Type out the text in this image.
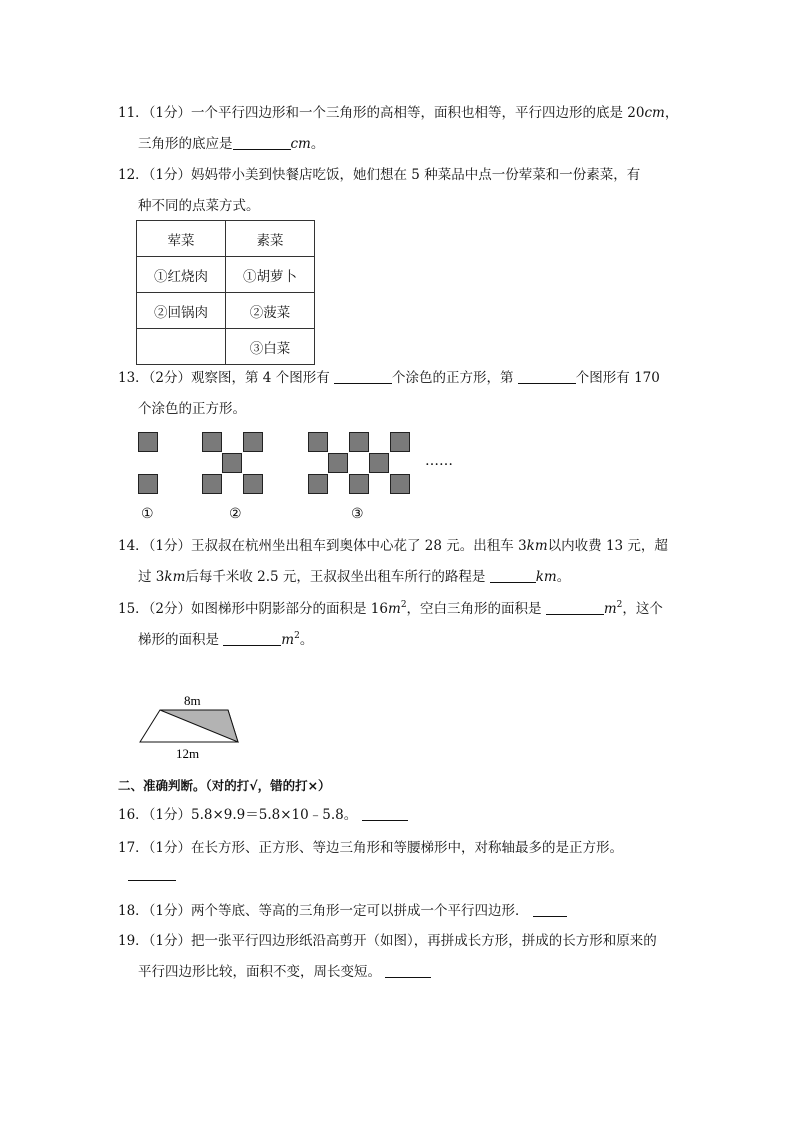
11．（1分）一个平行四边形和一个三角形的高相等，面积也相等，平行四边形的底是 20cm，
三角形的底应是	cm。
12．（1分）妈妈带小美到快餐店吃饭，她们想在 5 种菜品中点一份荤菜和一份素菜，有
种不同的点菜方式。
荤菜	素菜
①红烧肉	①胡萝卜
②回锅肉	②菠菜
	③白菜
13．（2分）观察图，第 4 个图形有	个涂色的正方形，第	个图形有 170
个涂色的正方形。
……
①	②	③
14．（1分）王叔叔在杭州坐出租车到奥体中心花了 28 元。出租车 3km以内收费 13 元，超
过 3km后每千米收 2.5 元，王叔叔坐出租车所行的路程是	km。
15．（2分）如图梯形中阴影部分的面积是 $16m^2$，空白三角形的面积是	$m^2$，这个
梯形的面积是	$m^2$。
8m
12m
二、准确判断。（对的打√，错的打×）
16．（1分）5.8×9.9＝5.8×10﹣5.8。
17．（1分）在长方形、正方形、等边三角形和等腰梯形中，对称轴最多的是正方形。
18．（1分）两个等底、等高的三角形一定可以拼成一个平行四边形．
19．（1分）把一张平行四边形纸沿高剪开（如图），再拼成长方形，拼成的长方形和原来的
平行四边形比较，面积不变，周长变短。
